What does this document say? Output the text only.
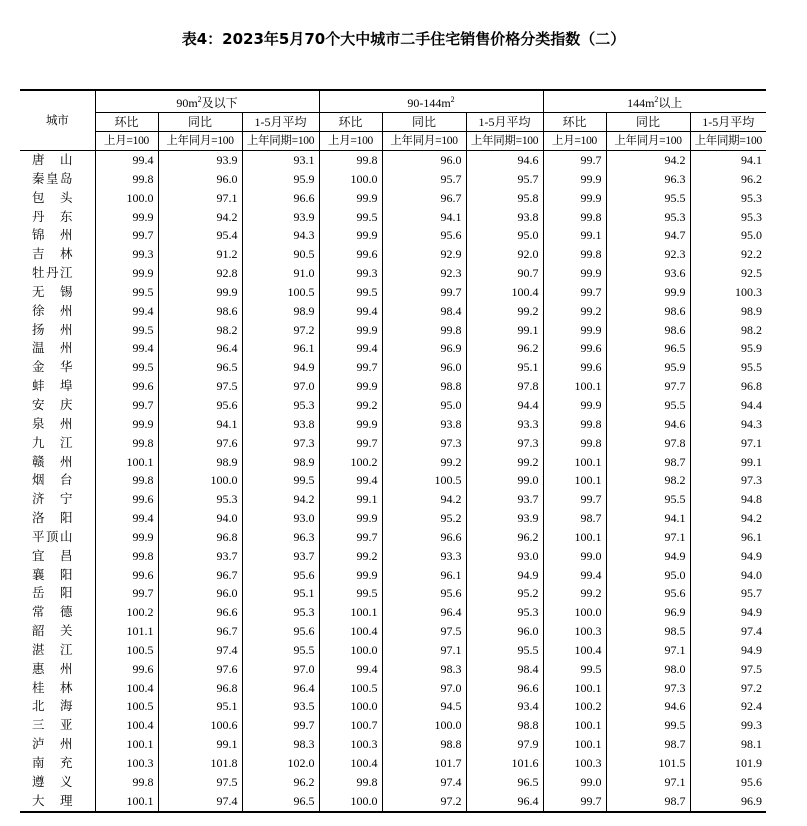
表4：2023年5月70个大中城市二手住宅销售价格分类指数（二）
城市	$90m^2$及以下			$90-144m^2$			$144m^2$以上		
	环比	同比	1-5月平均	环比	同比	1-5月平均	环比	同比	1-5月平均
	上月=100	上年同月=100	上年同期=100	上月=100	上年同月=100	上年同期=100	上月=100	上年同月=100	上年同期=100
唐山	99.4	93.9	93.1	99.8	96.0	94.6	99.7	94.2	94.1
秦皇岛	99.8	96.0	95.9	100.0	95.7	95.7	99.9	96.3	96.2
包头	100.0	97.1	96.6	99.9	96.7	95.8	99.9	95.5	95.3
丹东	99.9	94.2	93.9	99.5	94.1	93.8	99.8	95.3	95.3
锦州	99.7	95.4	94.3	99.9	95.6	95.0	99.1	94.7	95.0
吉林	99.3	91.2	90.5	99.6	92.9	92.0	99.8	92.3	92.2
牡丹江	99.9	92.8	91.0	99.3	92.3	90.7	99.9	93.6	92.5
无锡	99.5	99.9	100.5	99.5	99.7	100.4	99.7	99.9	100.3
徐州	99.4	98.6	98.9	99.4	98.4	99.2	99.2	98.6	98.9
扬州	99.5	98.2	97.2	99.9	99.8	99.1	99.9	98.6	98.2
温州	99.4	96.4	96.1	99.4	96.9	96.2	99.6	96.5	95.9
金华	99.5	96.5	94.9	99.7	96.0	95.1	99.6	95.9	95.5
蚌埠	99.6	97.5	97.0	99.9	98.8	97.8	100.1	97.7	96.8
安庆	99.7	95.6	95.3	99.2	95.0	94.4	99.9	95.5	94.4
泉州	99.9	94.1	93.8	99.9	93.8	93.3	99.8	94.6	94.3
九江	99.8	97.6	97.3	99.7	97.3	97.3	99.8	97.8	97.1
赣州	100.1	98.9	98.9	100.2	99.2	99.2	100.1	98.7	99.1
烟台	99.8	100.0	99.5	99.4	100.5	99.0	100.1	98.2	97.3
济宁	99.6	95.3	94.2	99.1	94.2	93.7	99.7	95.5	94.8
洛阳	99.4	94.0	93.0	99.9	95.2	93.9	98.7	94.1	94.2
平顶山	99.9	96.8	96.3	99.7	96.6	96.2	100.1	97.1	96.1
宜昌	99.8	93.7	93.7	99.2	93.3	93.0	99.0	94.9	94.9
襄阳	99.6	96.7	95.6	99.9	96.1	94.9	99.4	95.0	94.0
岳阳	99.7	96.0	95.1	99.5	95.6	95.2	99.2	95.6	95.7
常德	100.2	96.6	95.3	100.1	96.4	95.3	100.0	96.9	94.9
韶关	101.1	96.7	95.6	100.4	97.5	96.0	100.3	98.5	97.4
湛江	100.5	97.4	95.5	100.0	97.1	95.5	100.4	97.1	94.9
惠州	99.6	97.6	97.0	99.4	98.3	98.4	99.5	98.0	97.5
桂林	100.4	96.8	96.4	100.5	97.0	96.6	100.1	97.3	97.2
北海	100.5	95.1	93.5	100.0	94.5	93.4	100.2	94.6	92.4
三亚	100.4	100.6	99.7	100.7	100.0	98.8	100.1	99.5	99.3
泸州	100.1	99.1	98.3	100.3	98.8	97.9	100.1	98.7	98.1
南充	100.3	101.8	102.0	100.4	101.7	101.6	100.3	101.5	101.9
遵义	99.8	97.5	96.2	99.8	97.4	96.5	99.0	97.1	95.6
大理	100.1	97.4	96.5	100.0	97.2	96.4	99.7	98.7	96.9
